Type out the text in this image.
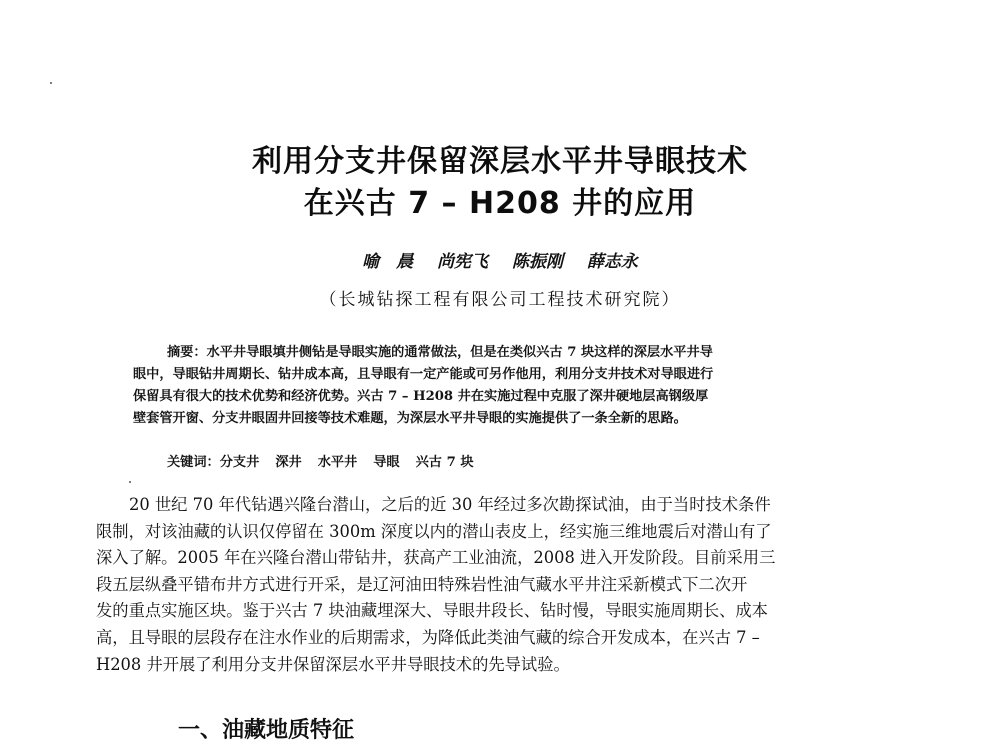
利用分支井保留深层水平井导眼技术
在兴古 7 – H208 井的应用
喻　晨 尚宪飞 陈振刚 薛志永
（长城钻探工程有限公司工程技术研究院）
摘要：水平井导眼填井侧钻是导眼实施的通常做法，但是在类似兴古 7 块这样的深层水平井导
眼中，导眼钻井周期长、钻井成本高，且导眼有一定产能或可另作他用，利用分支井技术对导眼进行
保留具有很大的技术优势和经济优势。兴古 7 – H208 井在实施过程中克服了深井硬地层高钢级厚
壁套管开窗、分支井眼固井回接等技术难题，为深层水平井导眼的实施提供了一条全新的思路。
关键词：分支井 深井 水平井 导眼 兴古 7 块
20 世纪 70 年代钻遇兴隆台潜山，之后的近 30 年经过多次勘探试油，由于当时技术条件
限制，对该油藏的认识仅停留在 300m 深度以内的潜山表皮上，经实施三维地震后对潜山有了
深入了解。2005 年在兴隆台潜山带钻井，获高产工业油流，2008 进入开发阶段。目前采用三
段五层纵叠平错布井方式进行开采，是辽河油田特殊岩性油气藏水平井注采新模式下二次开
发的重点实施区块。鉴于兴古 7 块油藏埋深大、导眼井段长、钻时慢，导眼实施周期长、成本
高，且导眼的层段存在注水作业的后期需求，为降低此类油气藏的综合开发成本，在兴古 7 –
H208 井开展了利用分支井保留深层水平井导眼技术的先导试验。
一、油藏地质特征
